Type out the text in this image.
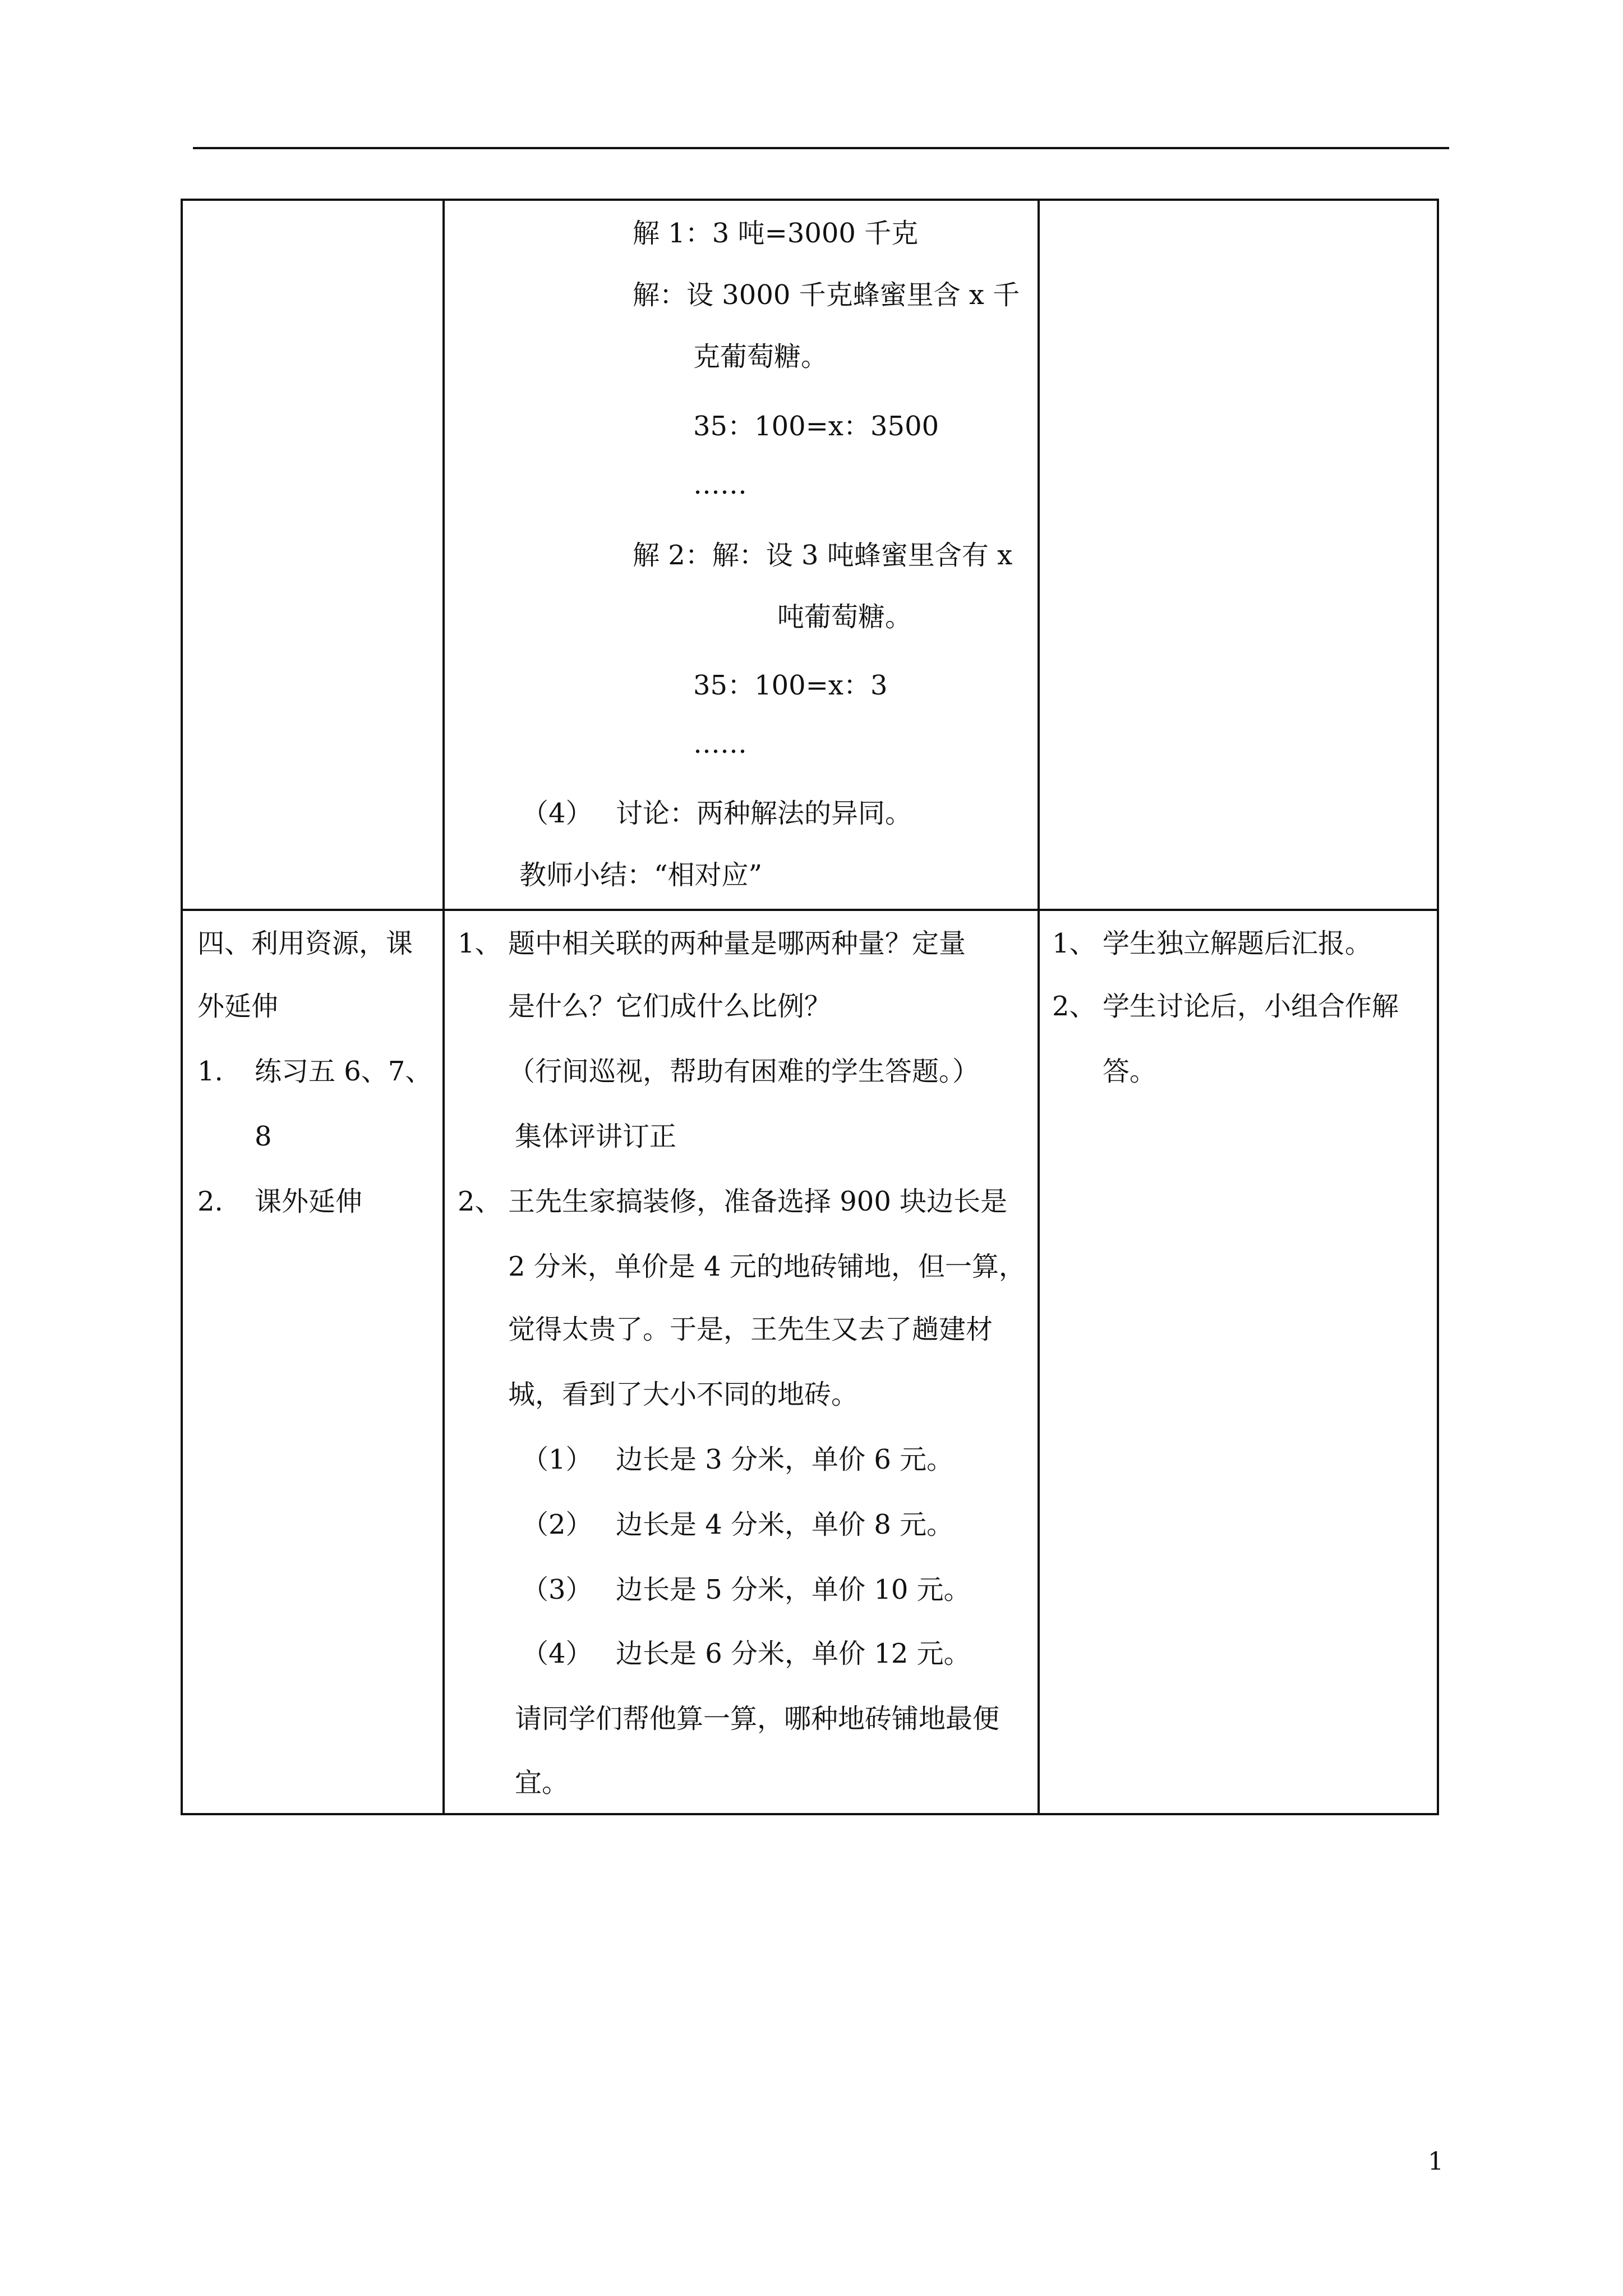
解 1：3 吨=3000 千克
解：设 3000 千克蜂蜜里含 x 千
克葡萄糖。
35：100=x：3500
……
解 2：解：设 3 吨蜂蜜里含有 x
吨葡萄糖。
35：100=x：3
……
（4） 讨论：两种解法的异同。
教师小结：“相对应”
四、利用资源，课
外延伸
1. 练习五 6、7、
8
2. 课外延伸
1、 题中相关联的两种量是哪两种量？定量
是什么？它们成什么比例？
（行间巡视，帮助有困难的学生答题。）
集体评讲订正
2、 王先生家搞装修，准备选择 900 块边长是
2 分米，单价是 4 元的地砖铺地，但一算，
觉得太贵了。于是，王先生又去了趟建材
城，看到了大小不同的地砖。
（1） 边长是 3 分米，单价 6 元。
（2） 边长是 4 分米，单价 8 元。
（3） 边长是 5 分米，单价 10 元。
（4） 边长是 6 分米，单价 12 元。
请同学们帮他算一算，哪种地砖铺地最便
宜。
1、 学生独立解题后汇报。
2、 学生讨论后，小组合作解
答。
1
